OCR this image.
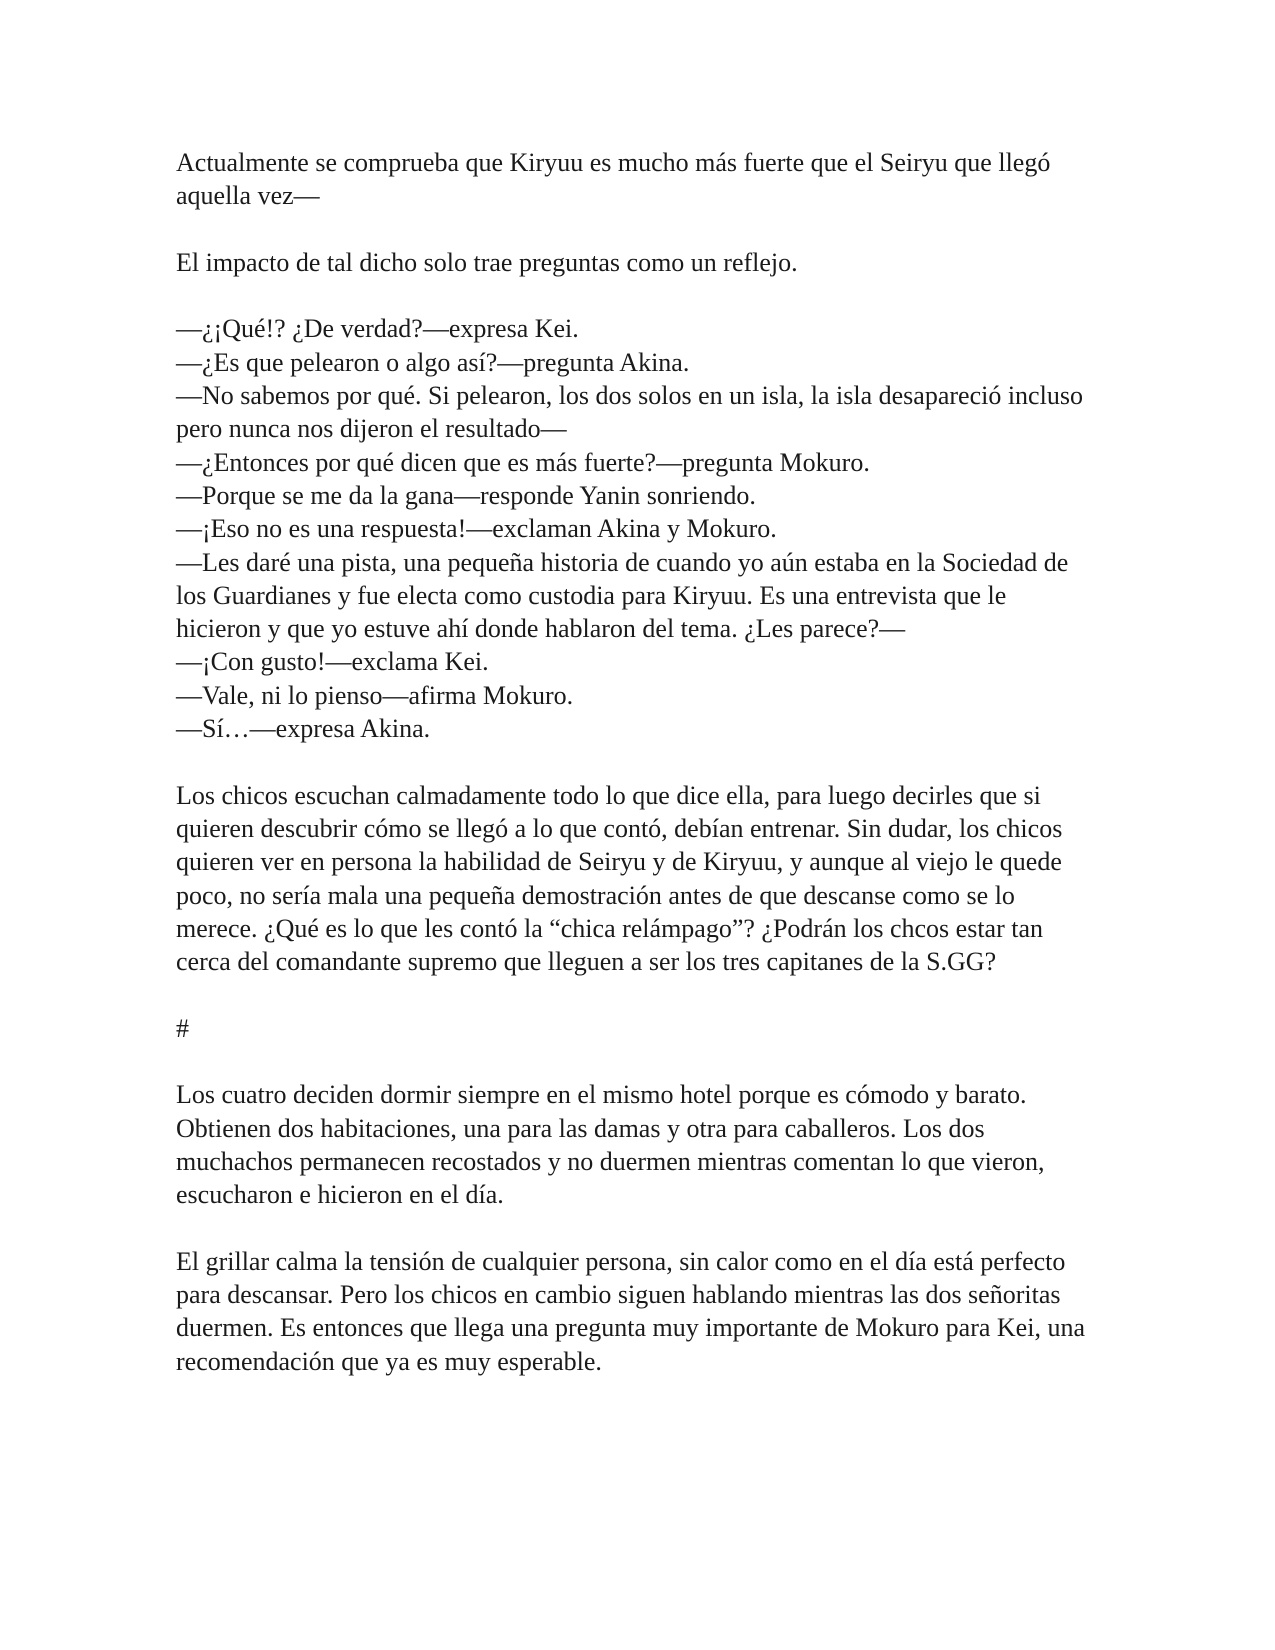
Actualmente se comprueba que Kiryuu es mucho más fuerte que el Seiryu que llegó aquella vez—

El impacto de tal dicho solo trae preguntas como un reflejo.

—¿¡Qué!? ¿De verdad?—expresa Kei.
—¿Es que pelearon o algo así?—pregunta Akina.
—No sabemos por qué. Si pelearon, los dos solos en un isla, la isla desapareció incluso pero nunca nos dijeron el resultado—
—¿Entonces por qué dicen que es más fuerte?—pregunta Mokuro.
—Porque se me da la gana—responde Yanin sonriendo.
—¡Eso no es una respuesta!—exclaman Akina y Mokuro.
—Les daré una pista, una pequeña historia de cuando yo aún estaba en la Sociedad de los Guardianes y fue electa como custodia para Kiryuu. Es una entrevista que le hicieron y que yo estuve ahí donde hablaron del tema. ¿Les parece?—
—¡Con gusto!—exclama Kei.
—Vale, ni lo pienso—afirma Mokuro.
—Sí…—expresa Akina.

Los chicos escuchan calmadamente todo lo que dice ella, para luego decirles que si quieren descubrir cómo se llegó a lo que contó, debían entrenar. Sin dudar, los chicos quieren ver en persona la habilidad de Seiryu y de Kiryuu, y aunque al viejo le quede poco, no sería mala una pequeña demostración antes de que descanse como se lo merece. ¿Qué es lo que les contó la “chica relámpago”? ¿Podrán los chcos estar tan cerca del comandante supremo que lleguen a ser los tres capitanes de la S.GG?

#

Los cuatro deciden dormir siempre en el mismo hotel porque es cómodo y barato. Obtienen dos habitaciones, una para las damas y otra para caballeros. Los dos muchachos permanecen recostados y no duermen mientras comentan lo que vieron, escucharon e hicieron en el día.

El grillar calma la tensión de cualquier persona, sin calor como en el día está perfecto para descansar. Pero los chicos en cambio siguen hablando mientras las dos señoritas duermen. Es entonces que llega una pregunta muy importante de Mokuro para Kei, una recomendación que ya es muy esperable.
